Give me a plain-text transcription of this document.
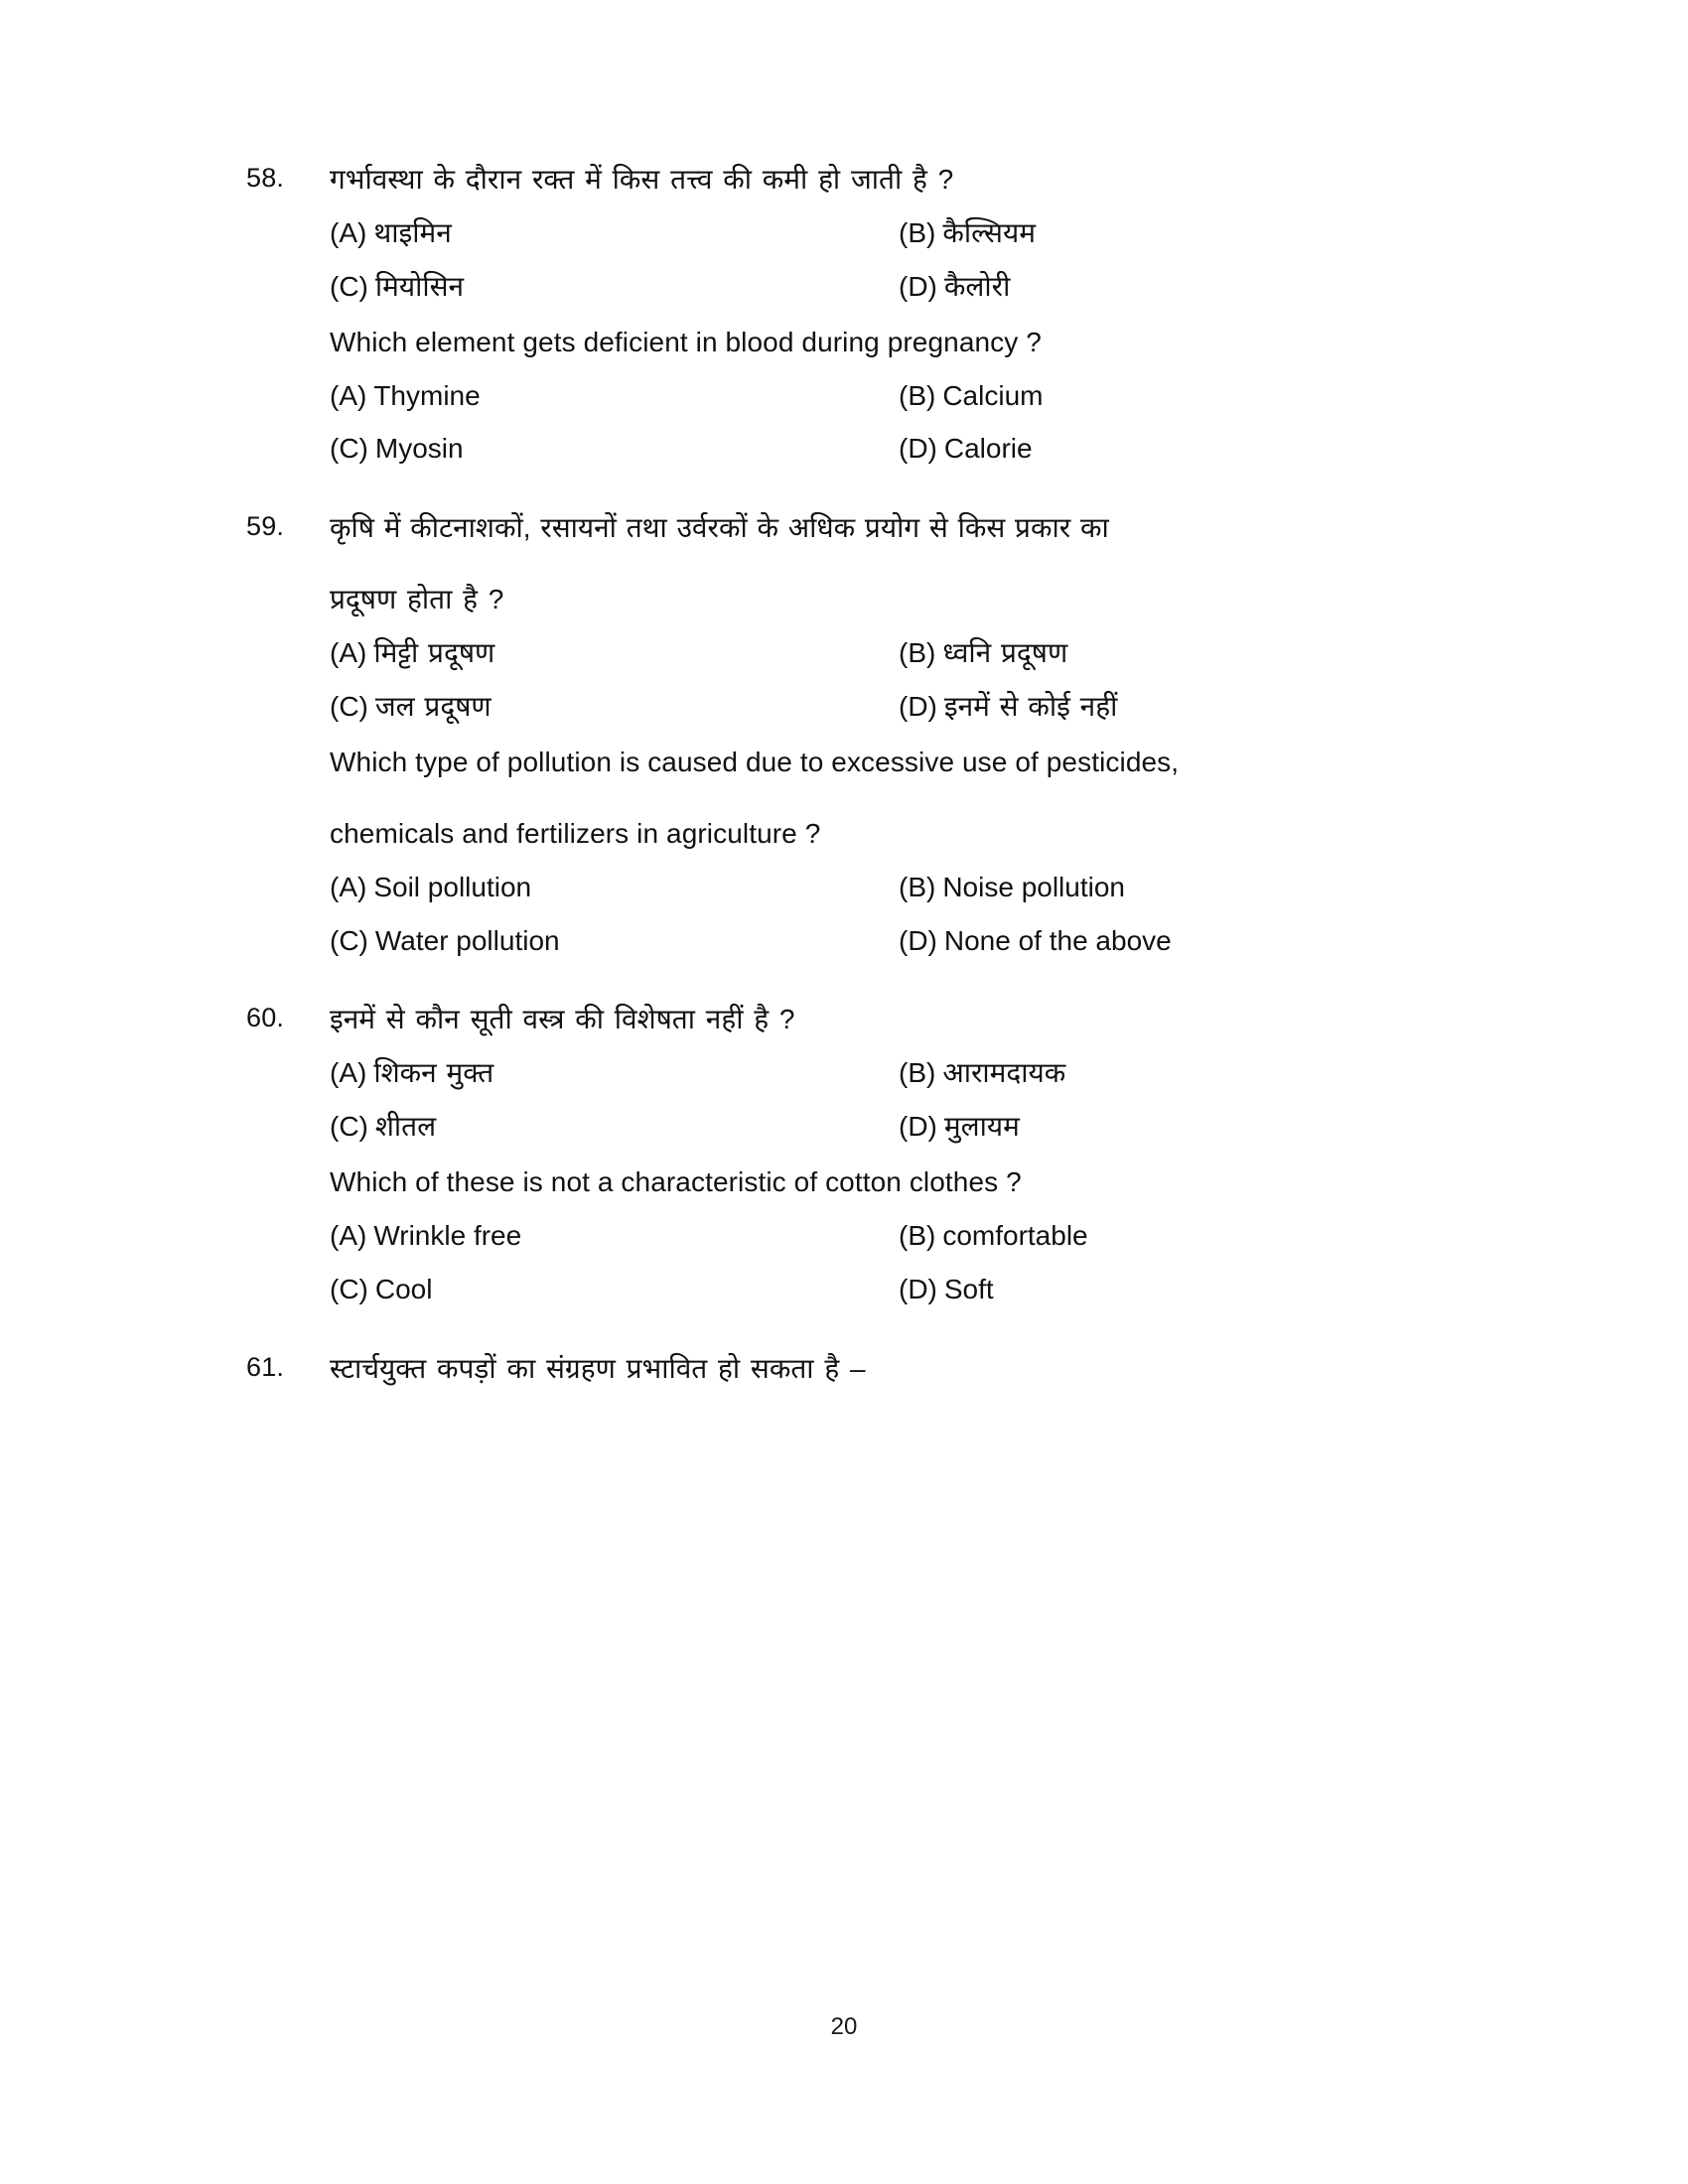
58.	गर्भावस्था के दौरान रक्त में किस तत्त्व की कमी हो जाती है ?
(A) थाइमिन	(B) कैल्सियम
(C) मियोसिन	(D) कैलोरी
Which element gets deficient in blood during pregnancy ?
(A) Thymine	(B) Calcium
(C) Myosin	(D) Calorie
59.	कृषि में कीटनाशकों, रसायनों तथा उर्वरकों के अधिक प्रयोग से किस प्रकार का
प्रदूषण होता है ?
(A) मिट्टी प्रदूषण	(B) ध्वनि प्रदूषण
(C) जल प्रदूषण	(D) इनमें से कोई नहीं
Which type of pollution is caused due to excessive use of pesticides,
chemicals and fertilizers in agriculture ?
(A) Soil pollution	(B) Noise pollution
(C) Water pollution	(D) None of the above
60.	इनमें से कौन सूती वस्त्र की विशेषता नहीं है ?
(A) शिकन मुक्त	(B) आरामदायक
(C) शीतल	(D) मुलायम
Which of these is not a characteristic of cotton clothes ?
(A) Wrinkle free	(B) comfortable
(C) Cool	(D) Soft
61.	स्टार्चयुक्त कपड़ों का संग्रहण प्रभावित हो सकता है –
20
